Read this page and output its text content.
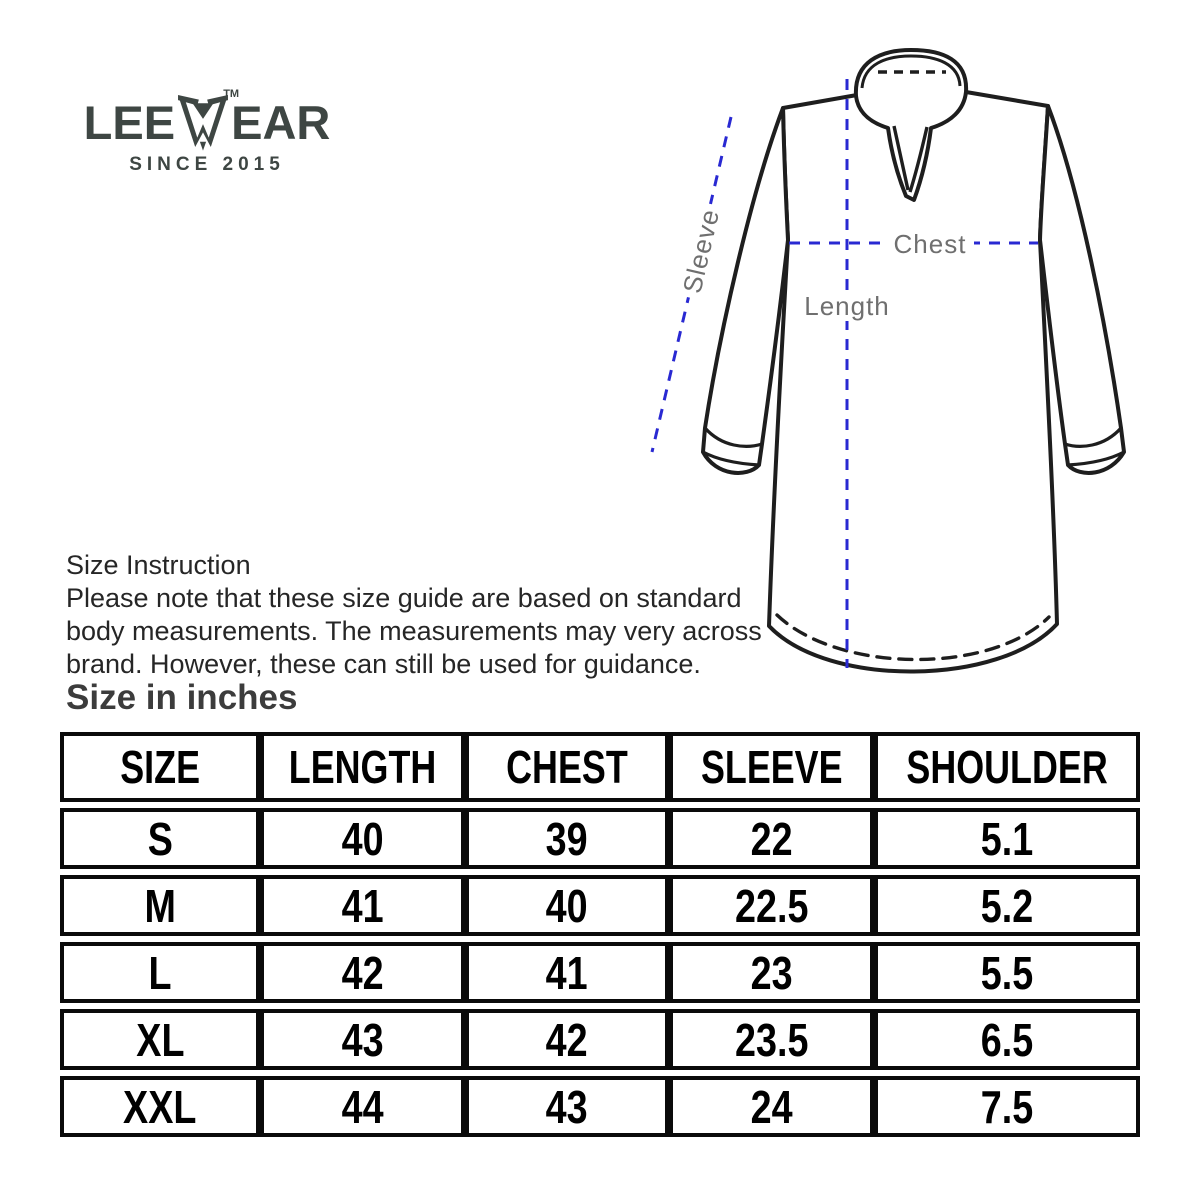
LEE
TM
EAR
SINCE 2015
Chest
Length
Sleeve
Size Instruction
Please note that these size guide are based on standard
body measurements. The measurements may very across
brand. However, these can still be used for guidance.
Size in inches
SIZE LENGTH CHEST SLEEVE SHOULDER
S	40	39	22	5.1
M	41	40	22.5	5.2
L	42	41	23	5.5
XL	43	42	23.5	6.5
XXL	44	43	24	7.5
